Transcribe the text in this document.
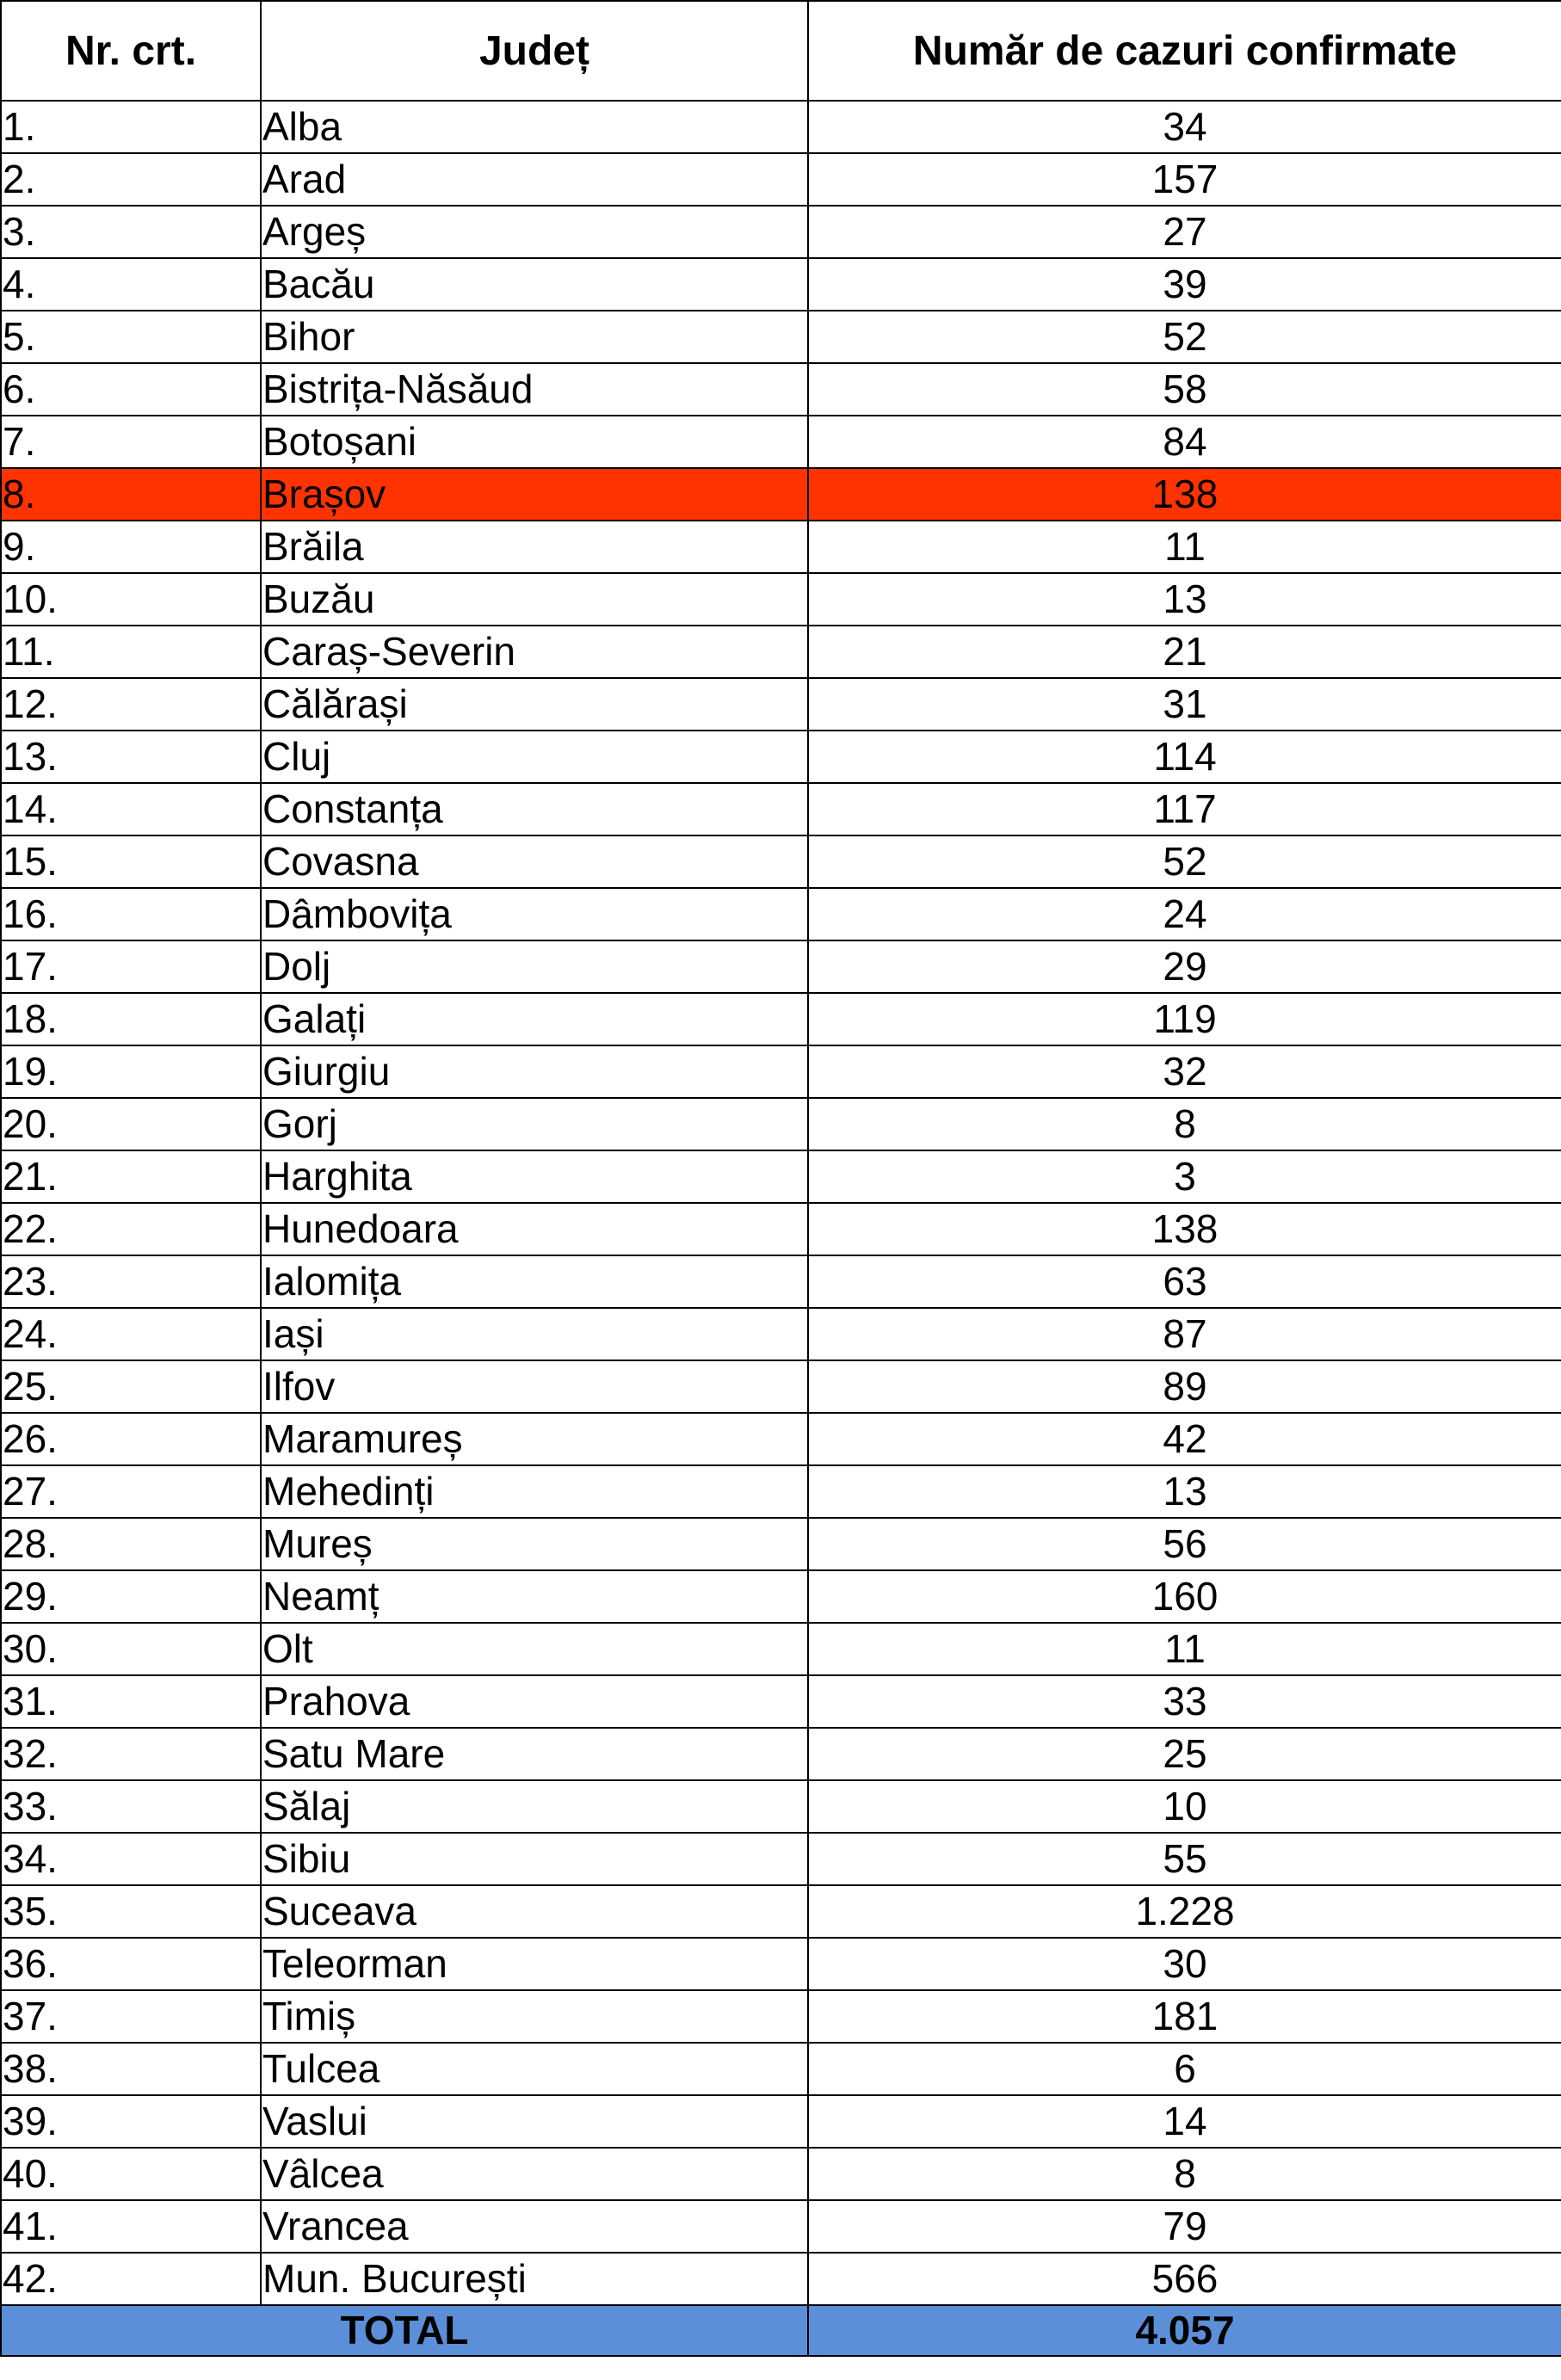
Nr. crt.	Județ	Număr de cazuri confirmate
1.	Alba	34
2.	Arad	157
3.	Argeș	27
4.	Bacău	39
5.	Bihor	52
6.	Bistrița-Năsăud	58
7.	Botoșani	84
8.	Brașov	138
9.	Brăila	11
10.	Buzău	13
11.	Caraș-Severin	21
12.	Călărași	31
13.	Cluj	114
14.	Constanța	117
15.	Covasna	52
16.	Dâmbovița	24
17.	Dolj	29
18.	Galați	119
19.	Giurgiu	32
20.	Gorj	8
21.	Harghita	3
22.	Hunedoara	138
23.	Ialomița	63
24.	Iași	87
25.	Ilfov	89
26.	Maramureș	42
27.	Mehedinți	13
28.	Mureș	56
29.	Neamț	160
30.	Olt	11
31.	Prahova	33
32.	Satu Mare	25
33.	Sălaj	10
34.	Sibiu	55
35.	Suceava	1.228
36.	Teleorman	30
37.	Timiș	181
38.	Tulcea	6
39.	Vaslui	14
40.	Vâlcea	8
41.	Vrancea	79
42.	Mun. București	566
TOTAL		4.057
